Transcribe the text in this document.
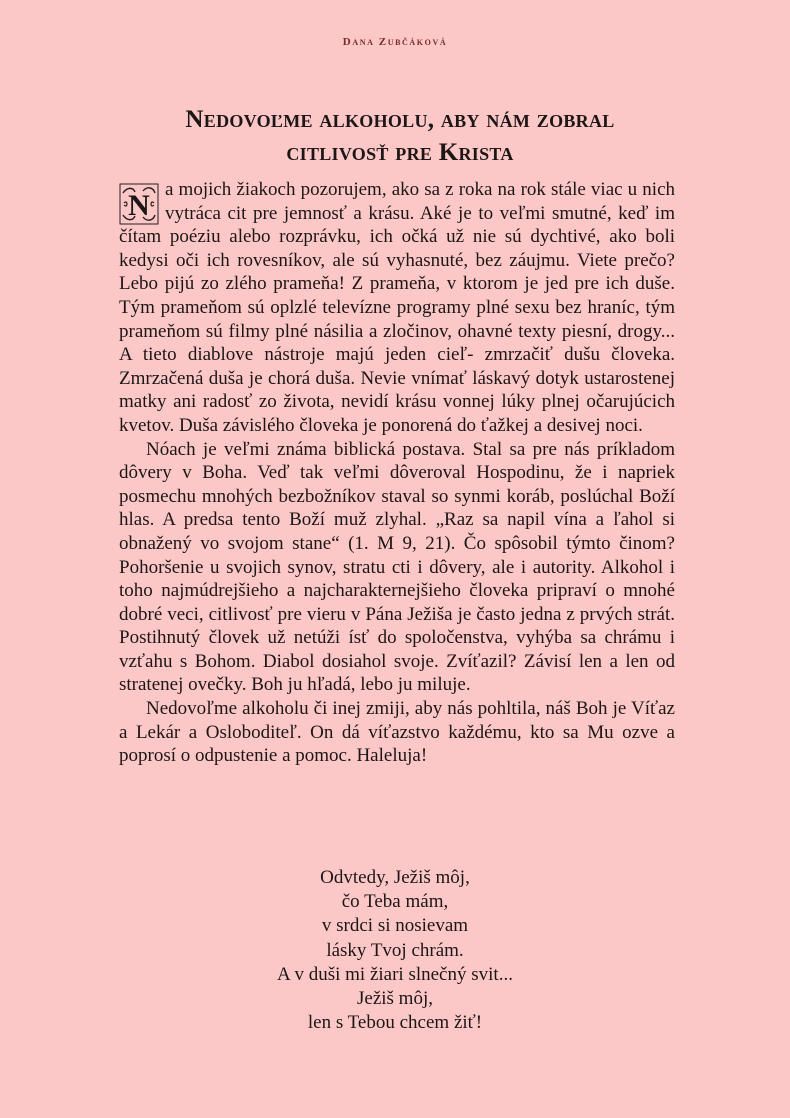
Dana Zubčáková
Nedovoľme alkoholu, aby nám zobral
citlivosť pre Krista

N a mojich žiakoch pozorujem, ako sa z roka na rok stále viac u nich vytráca cit pre jemnosť a krásu. Aké je to veľmi smutné, keď im čítam poéziu alebo rozprávku, ich očká už nie sú dychtivé, ako boli kedysi oči ich rovesníkov, ale sú vyhasnuté, bez záujmu. Viete prečo? Lebo pijú zo zlého prameňa! Z prameňa, v ktorom je jed pre ich duše. Tým prameňom sú oplzlé televízne programy plné sexu bez hraníc, tým prameňom sú filmy plné násilia a zločinov, ohavné texty piesní, drogy... A tieto diablove nástroje majú jeden cieľ- zmrzačiť dušu človeka. Zmrzačená duša je chorá duša. Nevie vnímať láskavý dotyk ustarostenej matky ani radosť zo života, nevidí krásu vonnej lúky plnej očarujúcich kvetov. Duša závislého človeka je ponorená do ťažkej a desivej noci.

Nóach je veľmi známa biblická postava. Stal sa pre nás príkladom dôvery v Boha. Veď tak veľmi dôveroval Hospodinu, že i napriek posmechu mnohých bezbožníkov staval so synmi koráb, poslúchal Boží hlas. A predsa tento Boží muž zlyhal. „Raz sa napil vína a ľahol si obnažený vo svojom stane“ (1. M 9, 21). Čo spôsobil týmto činom? Pohoršenie u svojich synov, stratu cti i dôvery, ale i autority. Alkohol i toho najmúdrejšieho a najcharakternejšieho človeka pripraví o mnohé dobré veci, citlivosť pre vieru v Pána Ježiša je často jedna z prvých strát. Postihnutý človek už netúži ísť do spoločenstva, vyhýba sa chrámu i vzťahu s Bohom. Diabol dosiahol svoje. Zvíťazil? Závisí len a len od stratenej ovečky. Boh ju hľadá, lebo ju miluje.

Nedovoľme alkoholu či inej zmiji, aby nás pohltila, náš Boh je Víťaz a Lekár a Osloboditeľ. On dá víťazstvo každému, kto sa Mu ozve a poprosí o odpustenie a pomoc. Haleluja!

Odvtedy, Ježiš môj,
čo Teba mám,
v srdci si nosievam
lásky Tvoj chrám.
A v duši mi žiari slnečný svit...
Ježiš môj,
len s Tebou chcem žiť!
